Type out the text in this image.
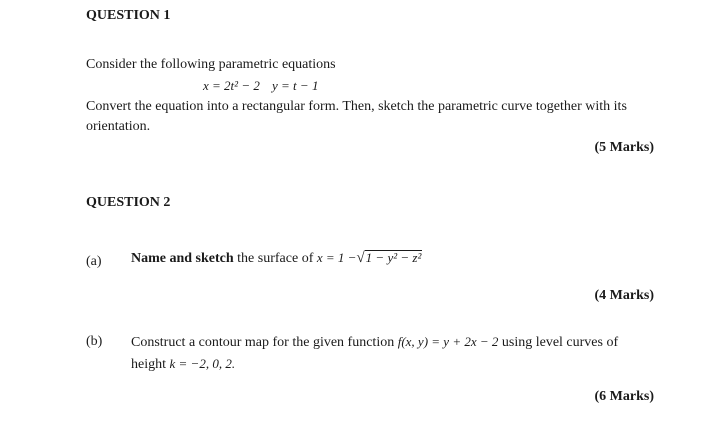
QUESTION 1
Consider the following parametric equations
x = 2t² − 2 y = t − 1
Convert the equation into a rectangular form. Then, sketch the parametric curve together with its
orientation.
(5 Marks)
QUESTION 2
(a) Name and sketch the surface of x = 1 −√1 − y² − z²
(4 Marks)
(b) Construct a contour map for the given function f(x, y) = y + 2x − 2 using level curves of
height k = −2, 0, 2.
(6 Marks)
